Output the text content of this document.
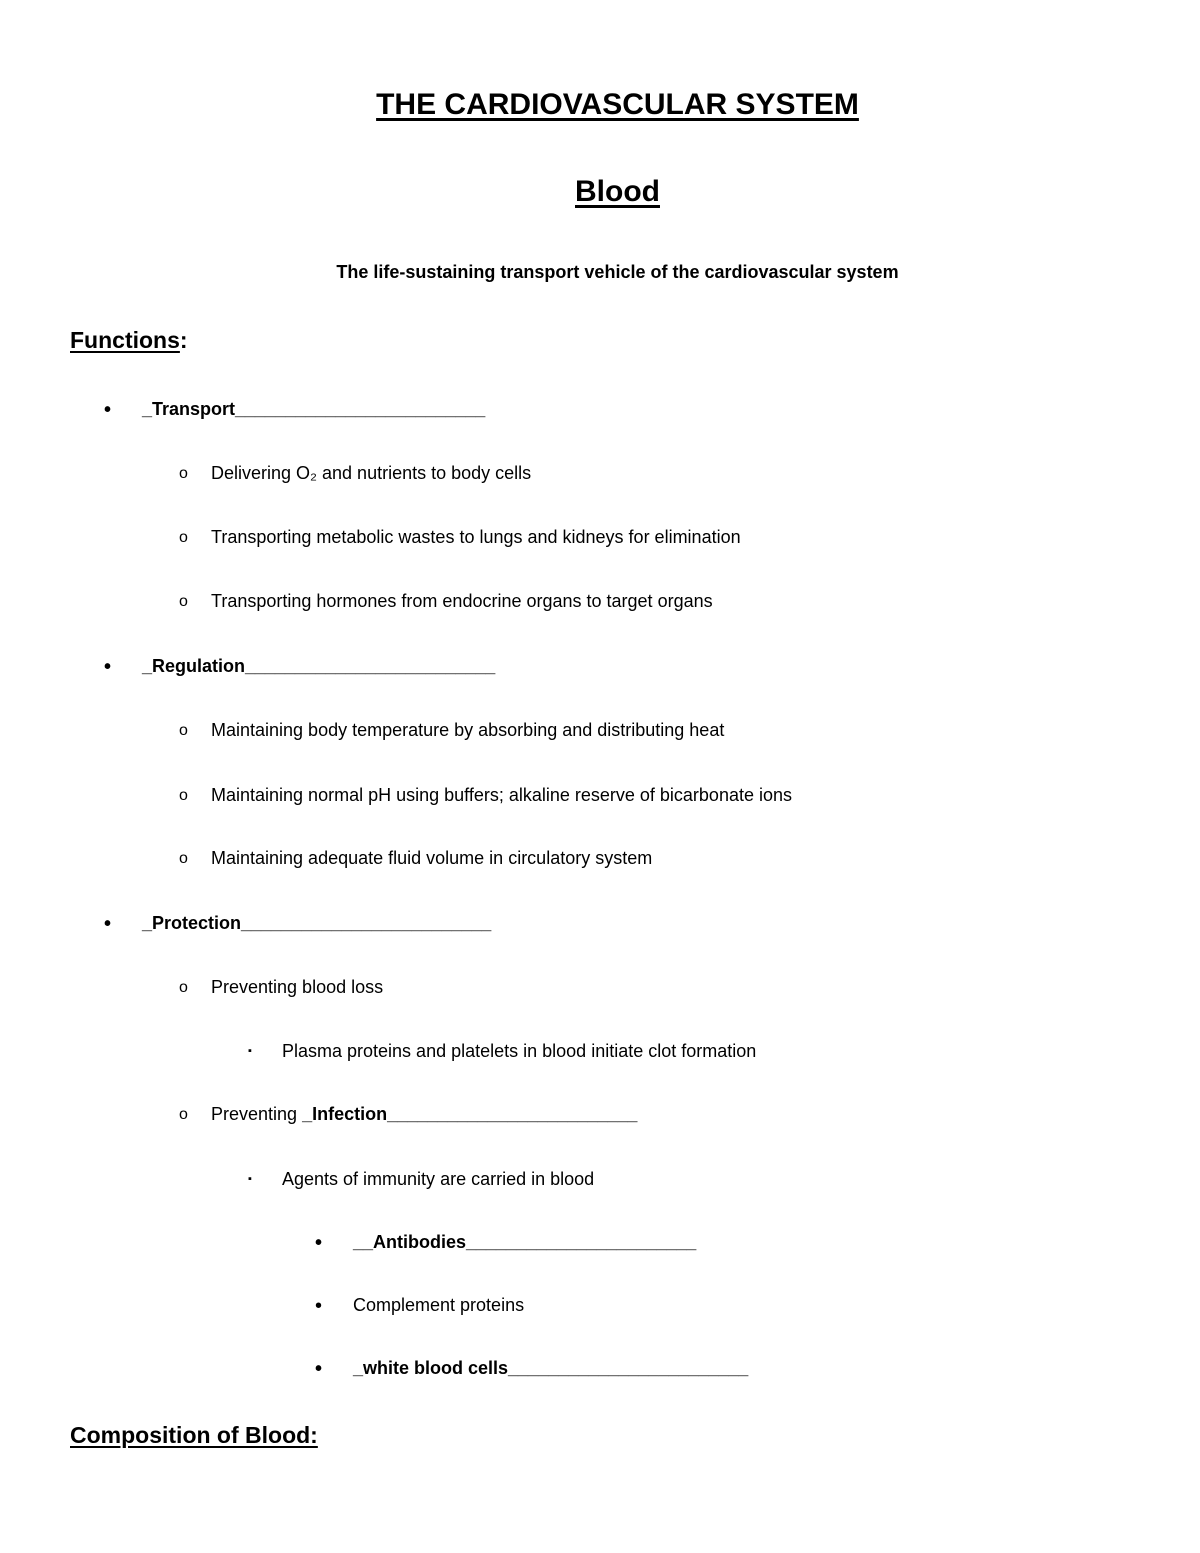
THE CARDIOVASCULAR SYSTEM
Blood
The life-sustaining transport vehicle of the cardiovascular system
Functions:
• _Transport_________________________
o Delivering O₂ and nutrients to body cells
o Transporting metabolic wastes to lungs and kidneys for elimination
o Transporting hormones from endocrine organs to target organs
• _Regulation_________________________
o Maintaining body temperature by absorbing and distributing heat
o Maintaining normal pH using buffers; alkaline reserve of bicarbonate ions
o Maintaining adequate fluid volume in circulatory system
• _Protection_________________________
o Preventing blood loss
▪ Plasma proteins and platelets in blood initiate clot formation
o Preventing _Infection_________________________
▪ Agents of immunity are carried in blood
• __Antibodies_______________________
• Complement proteins
• _white blood cells________________________
Composition of Blood:
